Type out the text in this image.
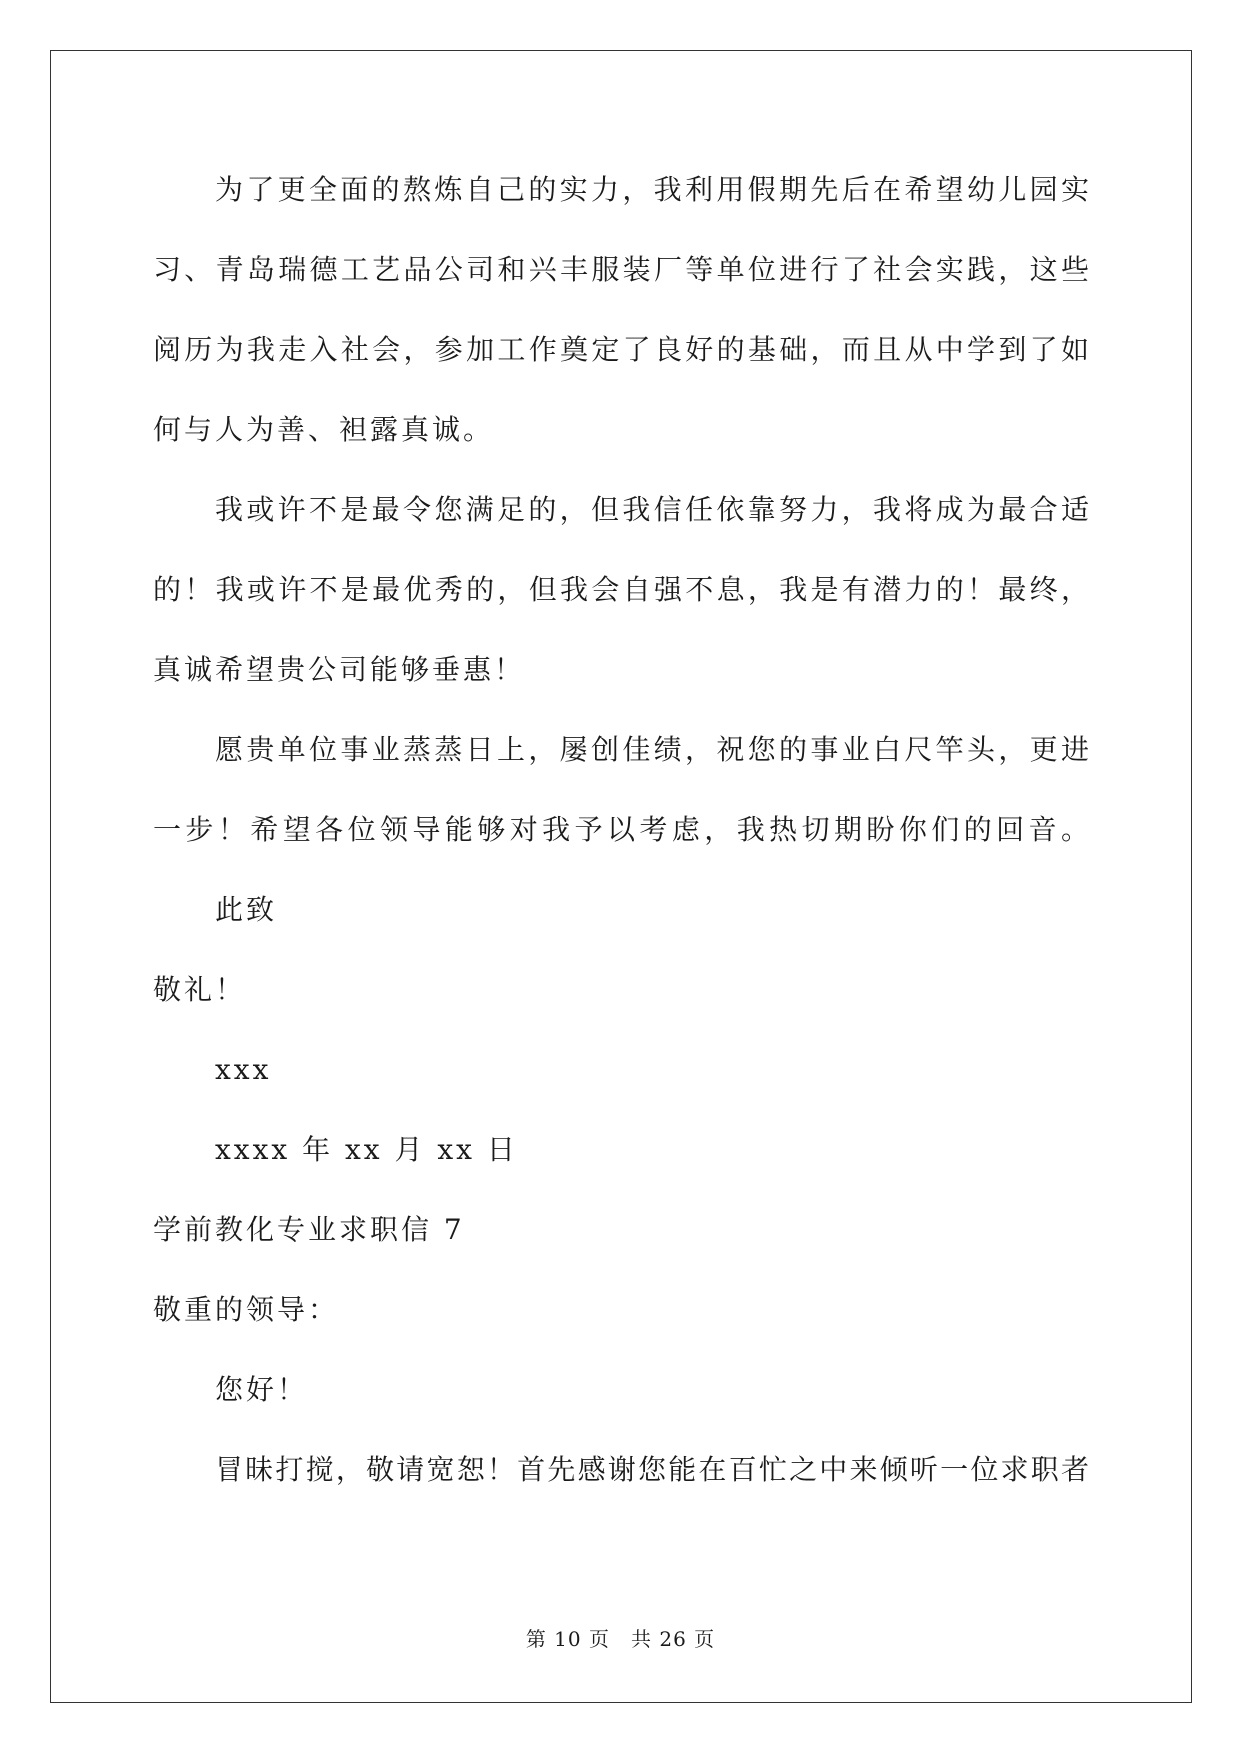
为了更全面的熬炼自己的实力，我利用假期先后在希望幼儿园实
习、青岛瑞德工艺品公司和兴丰服装厂等单位进行了社会实践，这些
阅历为我走入社会，参加工作奠定了良好的基础，而且从中学到了如
何与人为善、袒露真诚。
我或许不是最令您满足的，但我信任依靠努力，我将成为最合适
的！我或许不是最优秀的，但我会自强不息，我是有潜力的！最终，
真诚希望贵公司能够垂惠！
愿贵单位事业蒸蒸日上，屡创佳绩，祝您的事业白尺竿头，更进
一步！希望各位领导能够对我予以考虑，我热切期盼你们的回音。
此致
敬礼！
xxx
xxxx 年 xx 月 xx 日
学前教化专业求职信 7
敬重的领导：
您好！
冒昧打搅，敬请宽恕！首先感谢您能在百忙之中来倾听一位求职者
第 10 页　共 26 页
